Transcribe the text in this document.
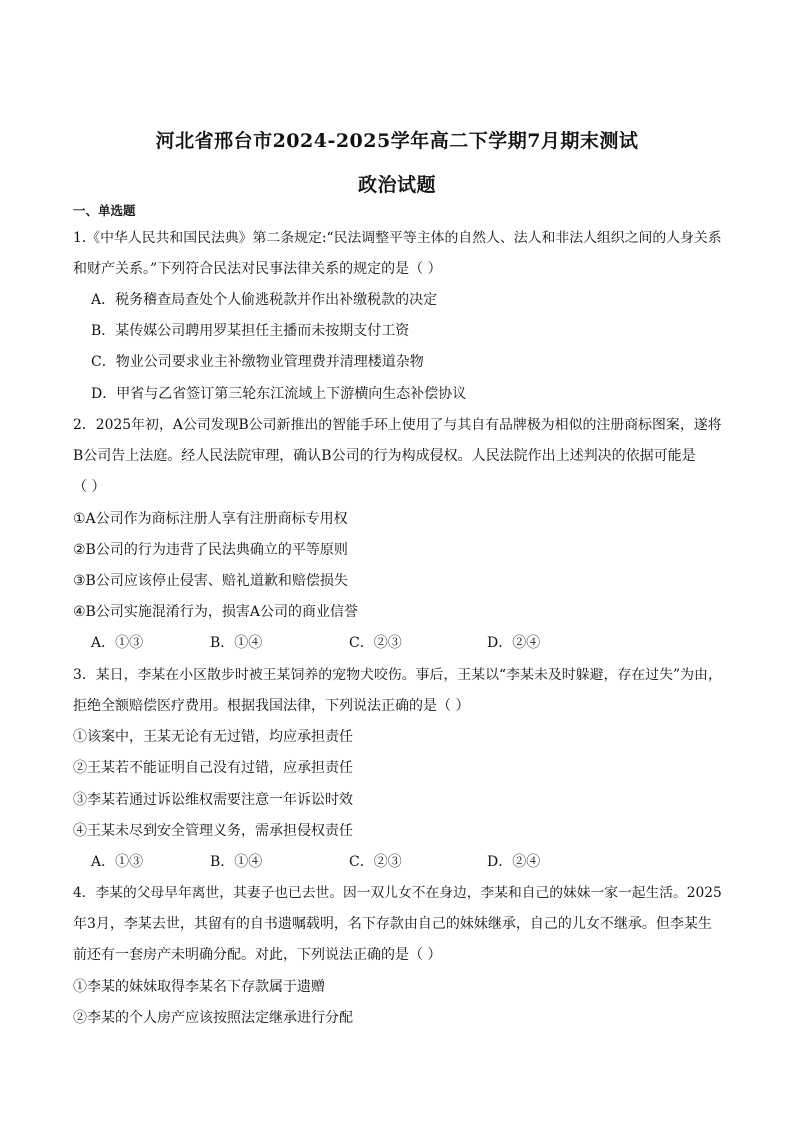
河北省邢台市2024-2025学年高二下学期7月期末测试
政治试题
一、单选题
1.《中华人民共和国民法典》第二条规定:“民法调整平等主体的自然人、法人和非法人组织之间的人身关系
和财产关系。”下列符合民法对民事法律关系的规定的是（ ）
A．税务稽查局查处个人偷逃税款并作出补缴税款的决定
B．某传媒公司聘用罗某担任主播而未按期支付工资
C．物业公司要求业主补缴物业管理费并清理楼道杂物
D．甲省与乙省签订第三轮东江流域上下游横向生态补偿协议
2．2025年初，A公司发现B公司新推出的智能手环上使用了与其自有品牌极为相似的注册商标图案，遂将
B公司告上法庭。经人民法院审理，确认B公司的行为构成侵权。人民法院作出上述判决的依据可能是
（ ）
①A公司作为商标注册人享有注册商标专用权
②B公司的行为违背了民法典确立的平等原则
③B公司应该停止侵害、赔礼道歉和赔偿损失
④B公司实施混淆行为，损害A公司的商业信誉
A．①③	B．①④	C．②③	D．②④
3．某日，李某在小区散步时被王某饲养的宠物犬咬伤。事后，王某以“李某未及时躲避，存在过失”为由，
拒绝全额赔偿医疗费用。根据我国法律，下列说法正确的是（ ）
①该案中，王某无论有无过错，均应承担责任
②王某若不能证明自己没有过错，应承担责任
③李某若通过诉讼维权需要注意一年诉讼时效
④王某未尽到安全管理义务，需承担侵权责任
A．①③	B．①④	C．②③	D．②④
4．李某的父母早年离世，其妻子也已去世。因一双儿女不在身边，李某和自己的妹妹一家一起生活。2025
年3月，李某去世，其留有的自书遗嘱载明，名下存款由自己的妹妹继承，自己的儿女不继承。但李某生
前还有一套房产未明确分配。对此，下列说法正确的是（ ）
①李某的妹妹取得李某名下存款属于遗赠
②李某的个人房产应该按照法定继承进行分配
